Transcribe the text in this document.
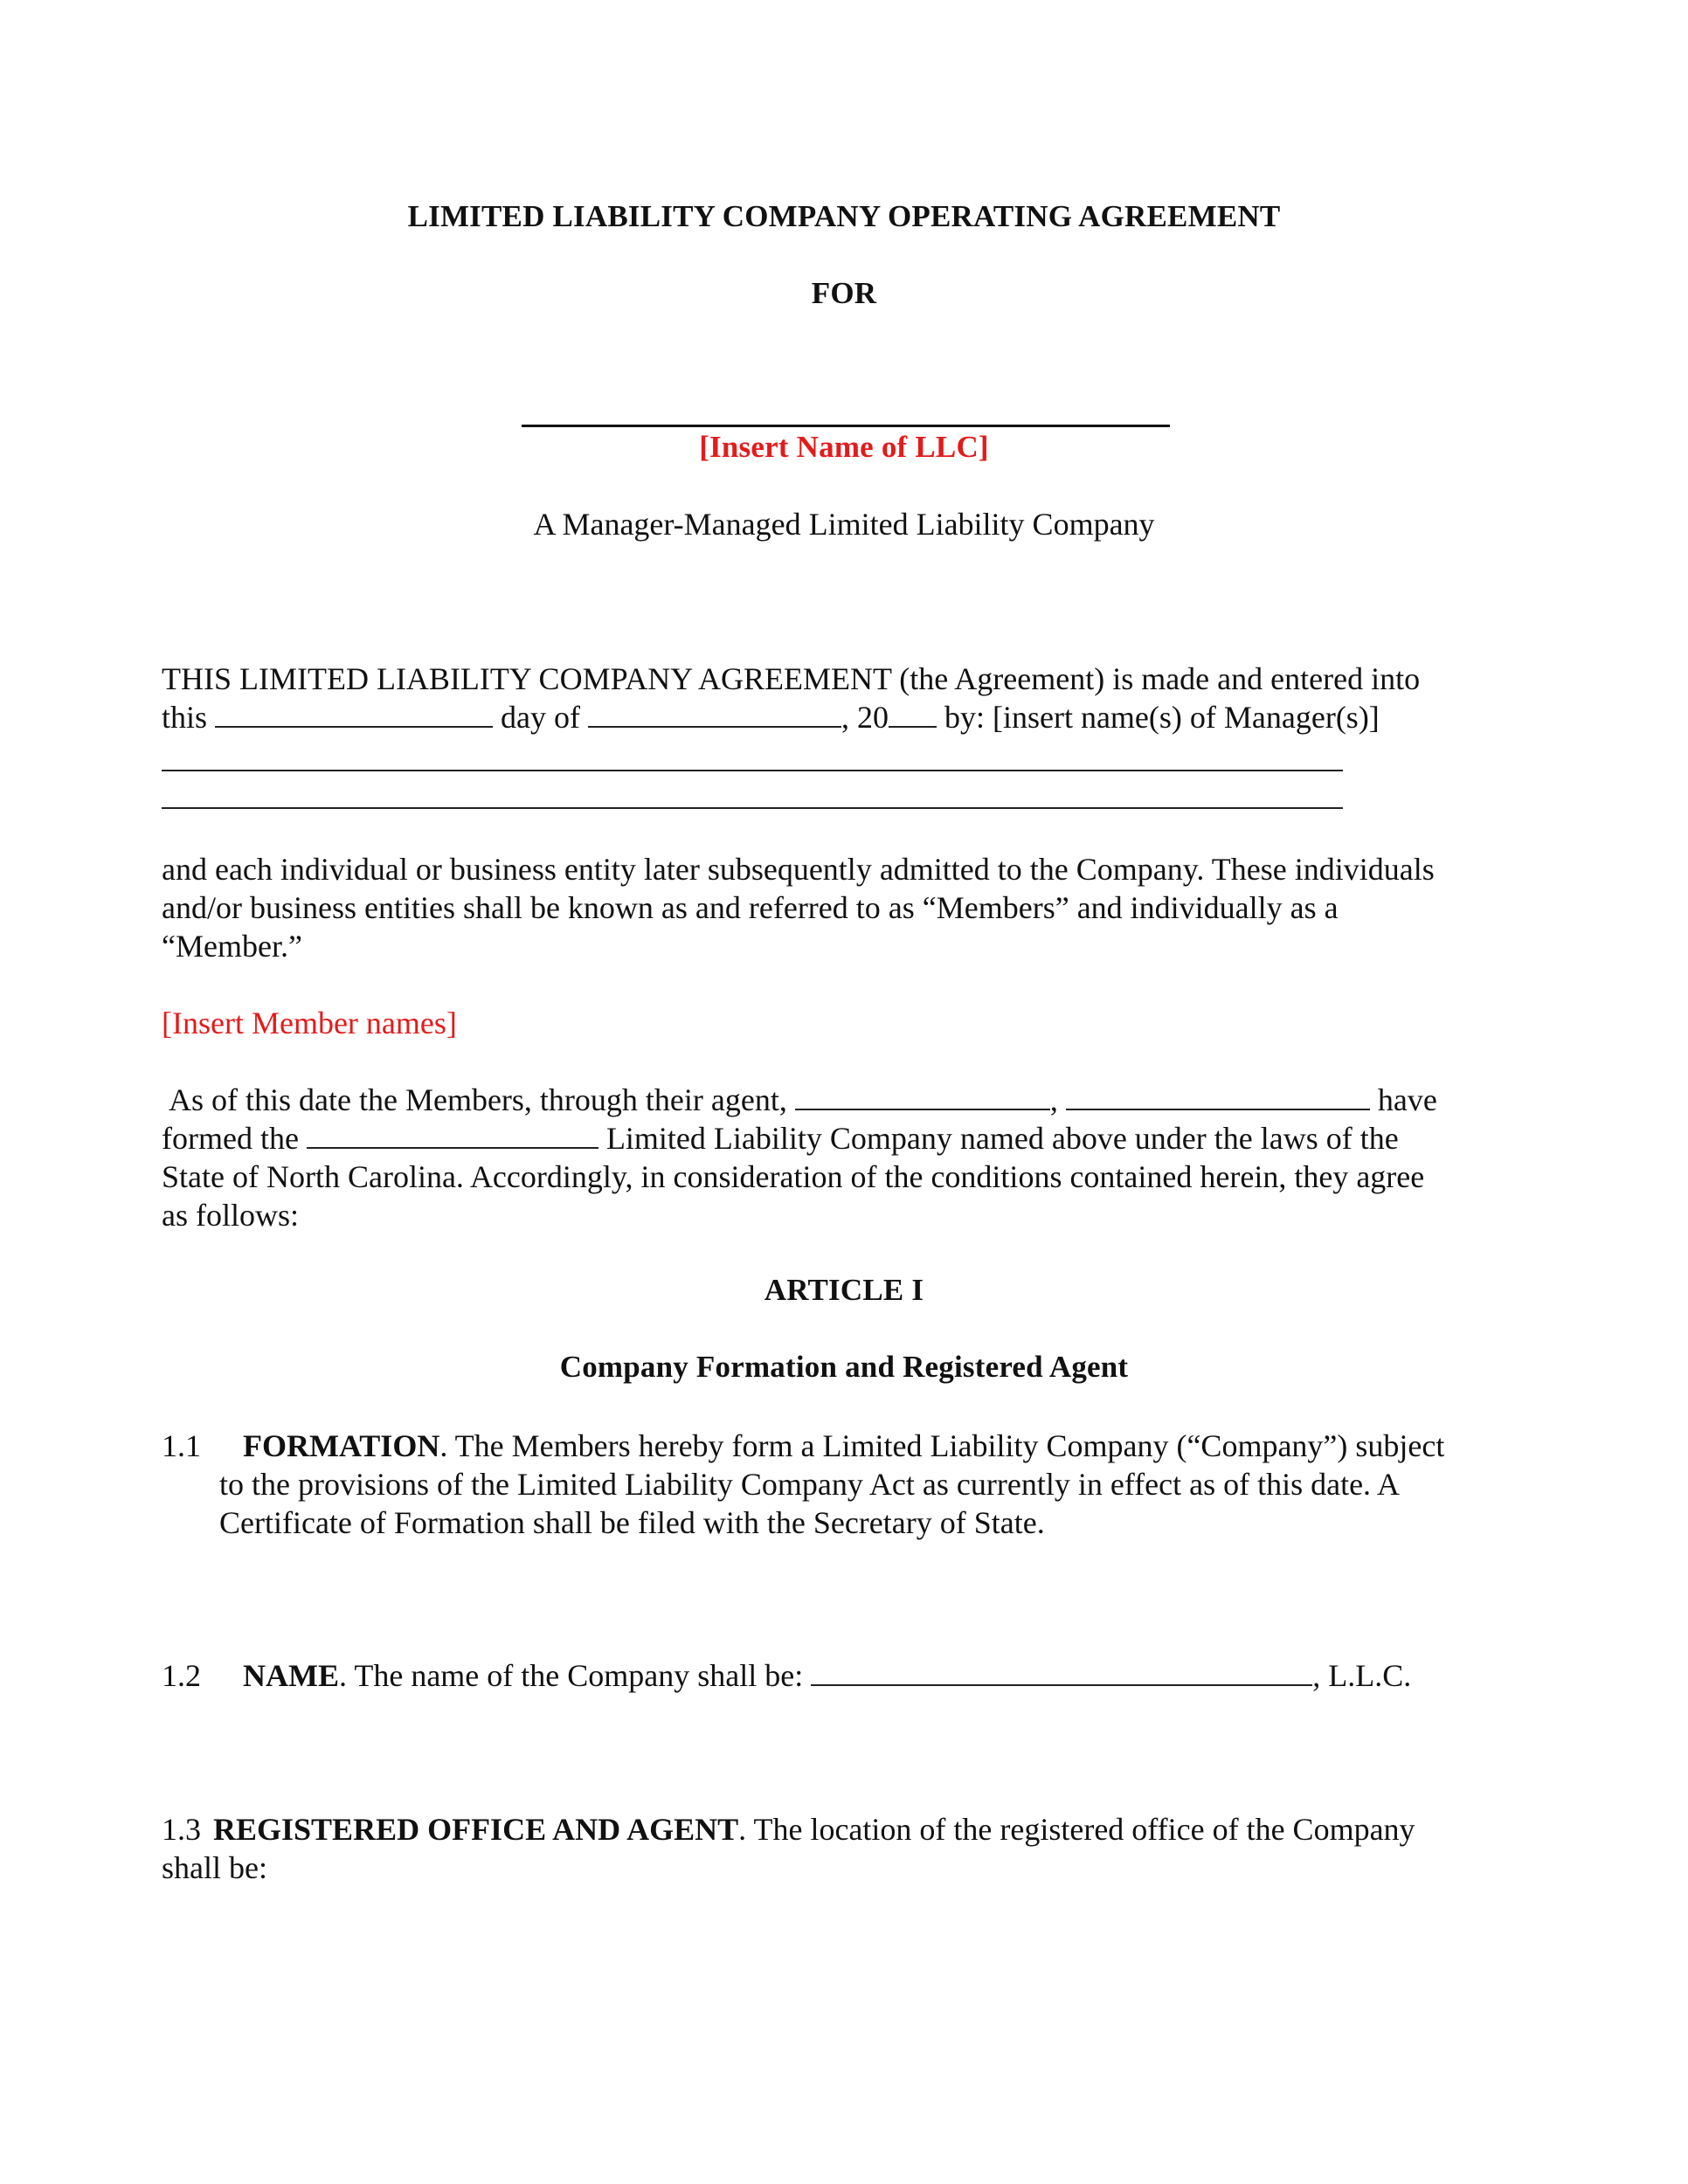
LIMITED LIABILITY COMPANY OPERATING AGREEMENT
FOR
[Insert Name of LLC]
A Manager-Managed Limited Liability Company
THIS LIMITED LIABILITY COMPANY AGREEMENT (the Agreement) is made and entered into
this	day of	, 20 by: [insert name(s) of Manager(s)]
and each individual or business entity later subsequently admitted to the Company. These individuals
and/or business entities shall be known as and referred to as “Members” and individually as a
“Member.”
[Insert Member names]
As of this date the Members, through their agent,	,	have
formed the	Limited Liability Company named above under the laws of the
State of North Carolina. Accordingly, in consideration of the conditions contained herein, they agree
as follows:
ARTICLE I
Company Formation and Registered Agent
1.1 FORMATION. The Members hereby form a Limited Liability Company (“Company”) subject
to the provisions of the Limited Liability Company Act as currently in effect as of this date. A
Certificate of Formation shall be filed with the Secretary of State.
1.2 NAME. The name of the Company shall be:	, L.L.C.
1.3 REGISTERED OFFICE AND AGENT. The location of the registered office of the Company
shall be:
